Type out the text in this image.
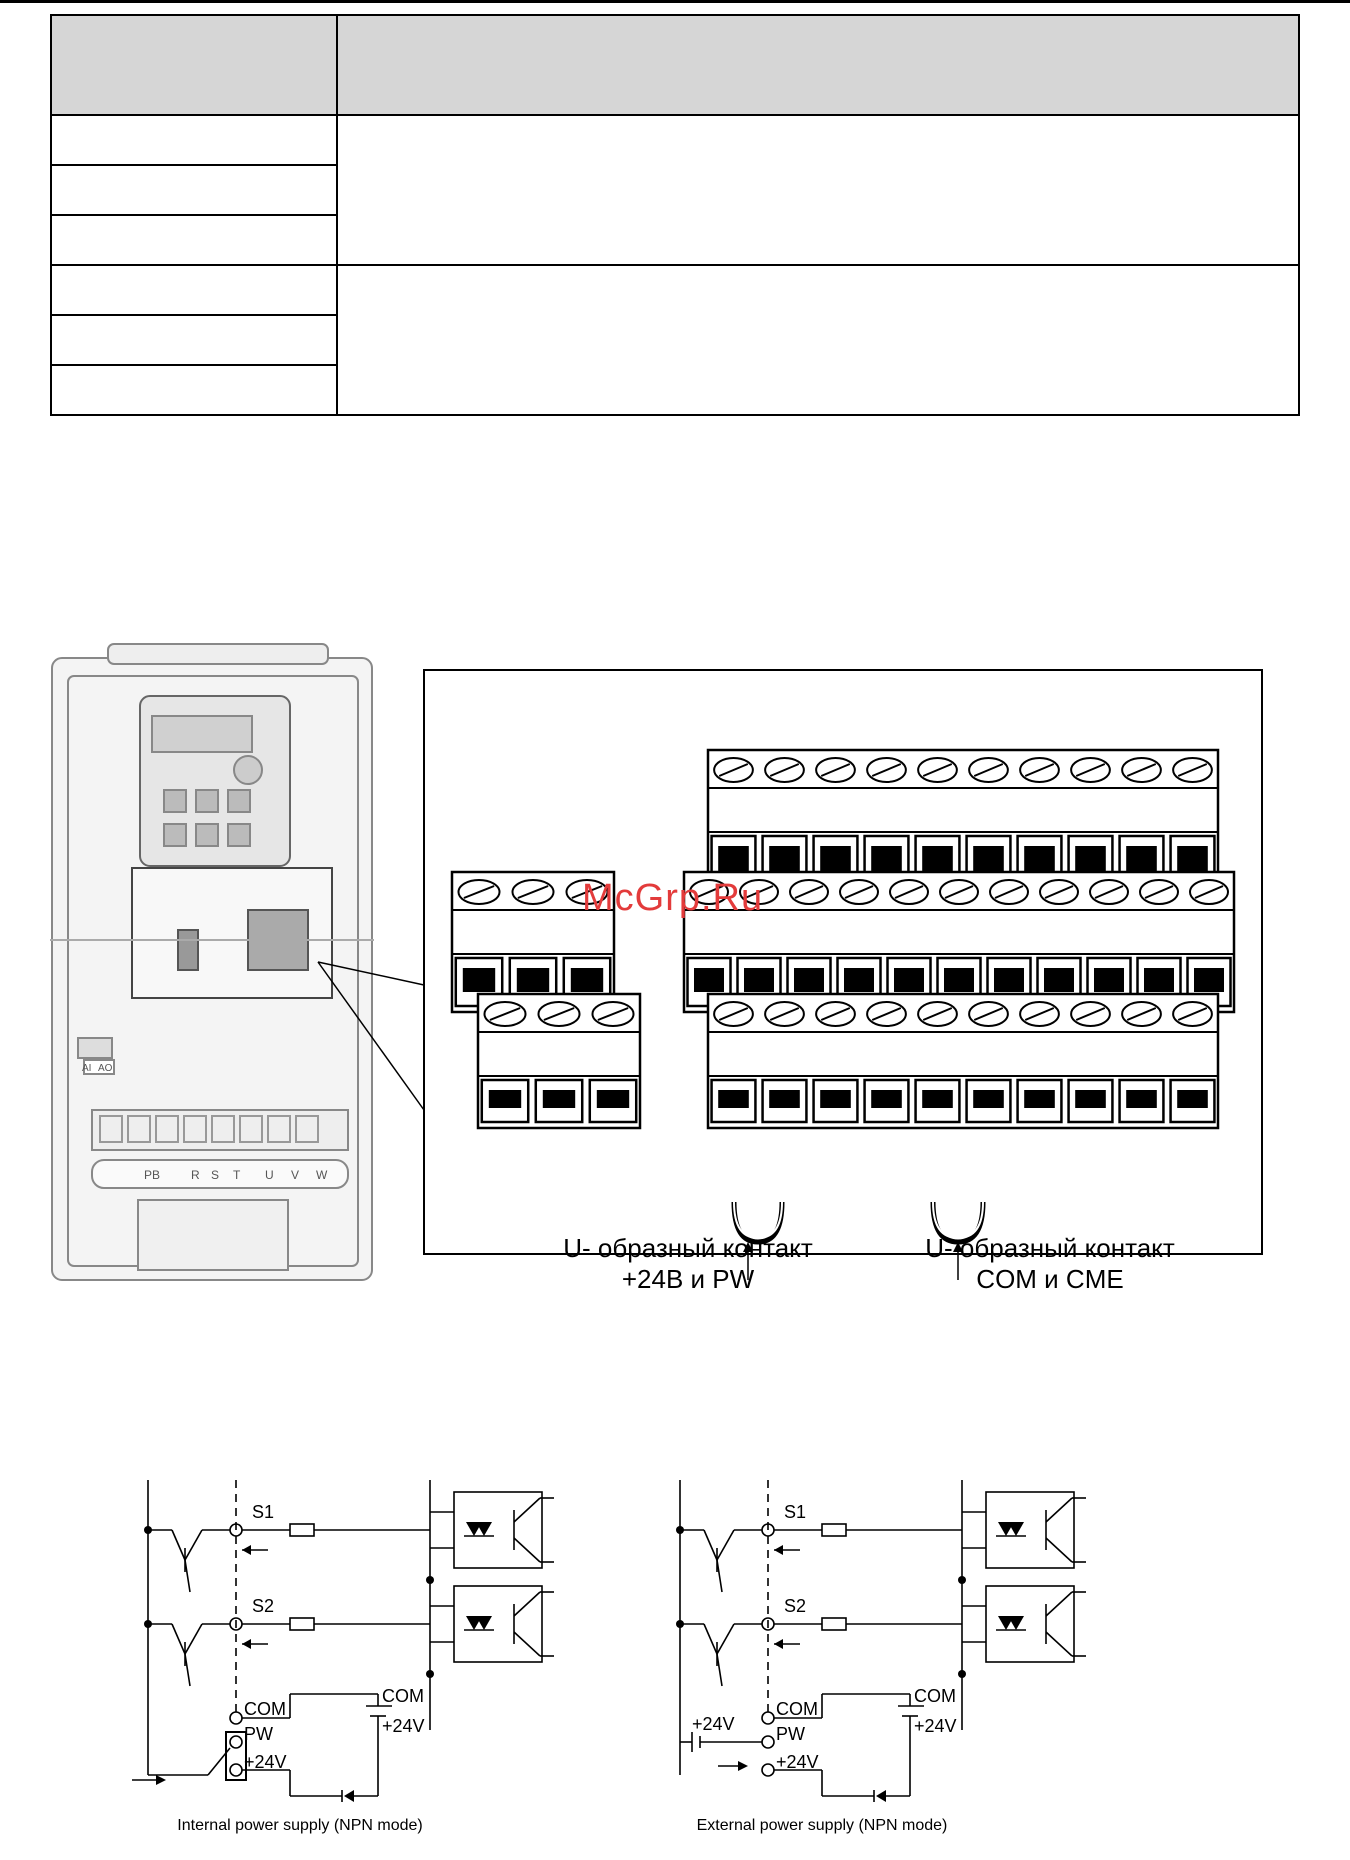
PB	R S T U V W
AI AO
U- образный контакт
+24В и PW
U- образный контакт
COM и CME
McGrp.Ru
S1
S2
COM
COM
+24V
PW
+24V
Internal power supply (NPN mode)
S1
S2
COM
COM
+24V
PW
+24V
+24V
External power supply (NPN mode)
